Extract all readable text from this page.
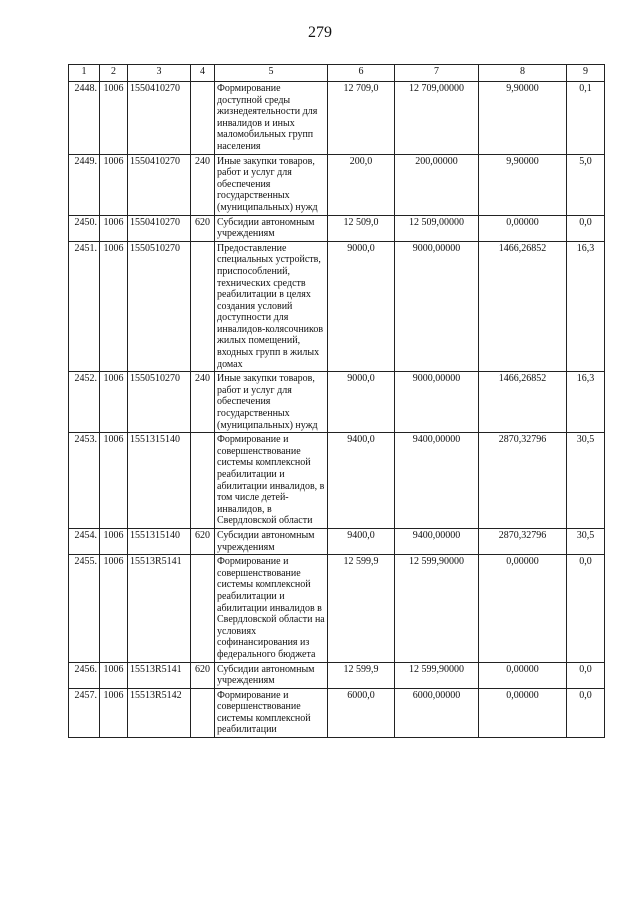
279
1	2	3	4	5	6	7	8	9
2448.	1006	1550410270		Формирование доступной среды жизнедеятельности для инвалидов и иных маломобильных групп населения	12 709,0	12 709,00000	9,90000	0,1
2449.	1006	1550410270	240	Иные закупки товаров, работ и услуг для обеспечения государственных (муниципальных) нужд	200,0	200,00000	9,90000	5,0
2450.	1006	1550410270	620	Субсидии автономным учреждениям	12 509,0	12 509,00000	0,00000	0,0
2451.	1006	1550510270		Предоставление специальных устройств, приспособлений, технических средств реабилитации в целях создания условий доступности для инвалидов-колясочников жилых помещений, входных групп в жилых домах	9000,0	9000,00000	1466,26852	16,3
2452.	1006	1550510270	240	Иные закупки товаров, работ и услуг для обеспечения государственных (муниципальных) нужд	9000,0	9000,00000	1466,26852	16,3
2453.	1006	1551315140		Формирование и совершенствование системы комплексной реабилитации и абилитации инвалидов, в том числе детей-инвалидов, в Свердловской области	9400,0	9400,00000	2870,32796	30,5
2454.	1006	1551315140	620	Субсидии автономным учреждениям	9400,0	9400,00000	2870,32796	30,5
2455.	1006	15513R5141		Формирование и совершенствование системы комплексной реабилитации и абилитации инвалидов в Свердловской области на условиях софинансирования из федерального бюджета	12 599,9	12 599,90000	0,00000	0,0
2456.	1006	15513R5141	620	Субсидии автономным учреждениям	12 599,9	12 599,90000	0,00000	0,0
2457.	1006	15513R5142		Формирование и совершенствование системы комплексной реабилитации	6000,0	6000,00000	0,00000	0,0
